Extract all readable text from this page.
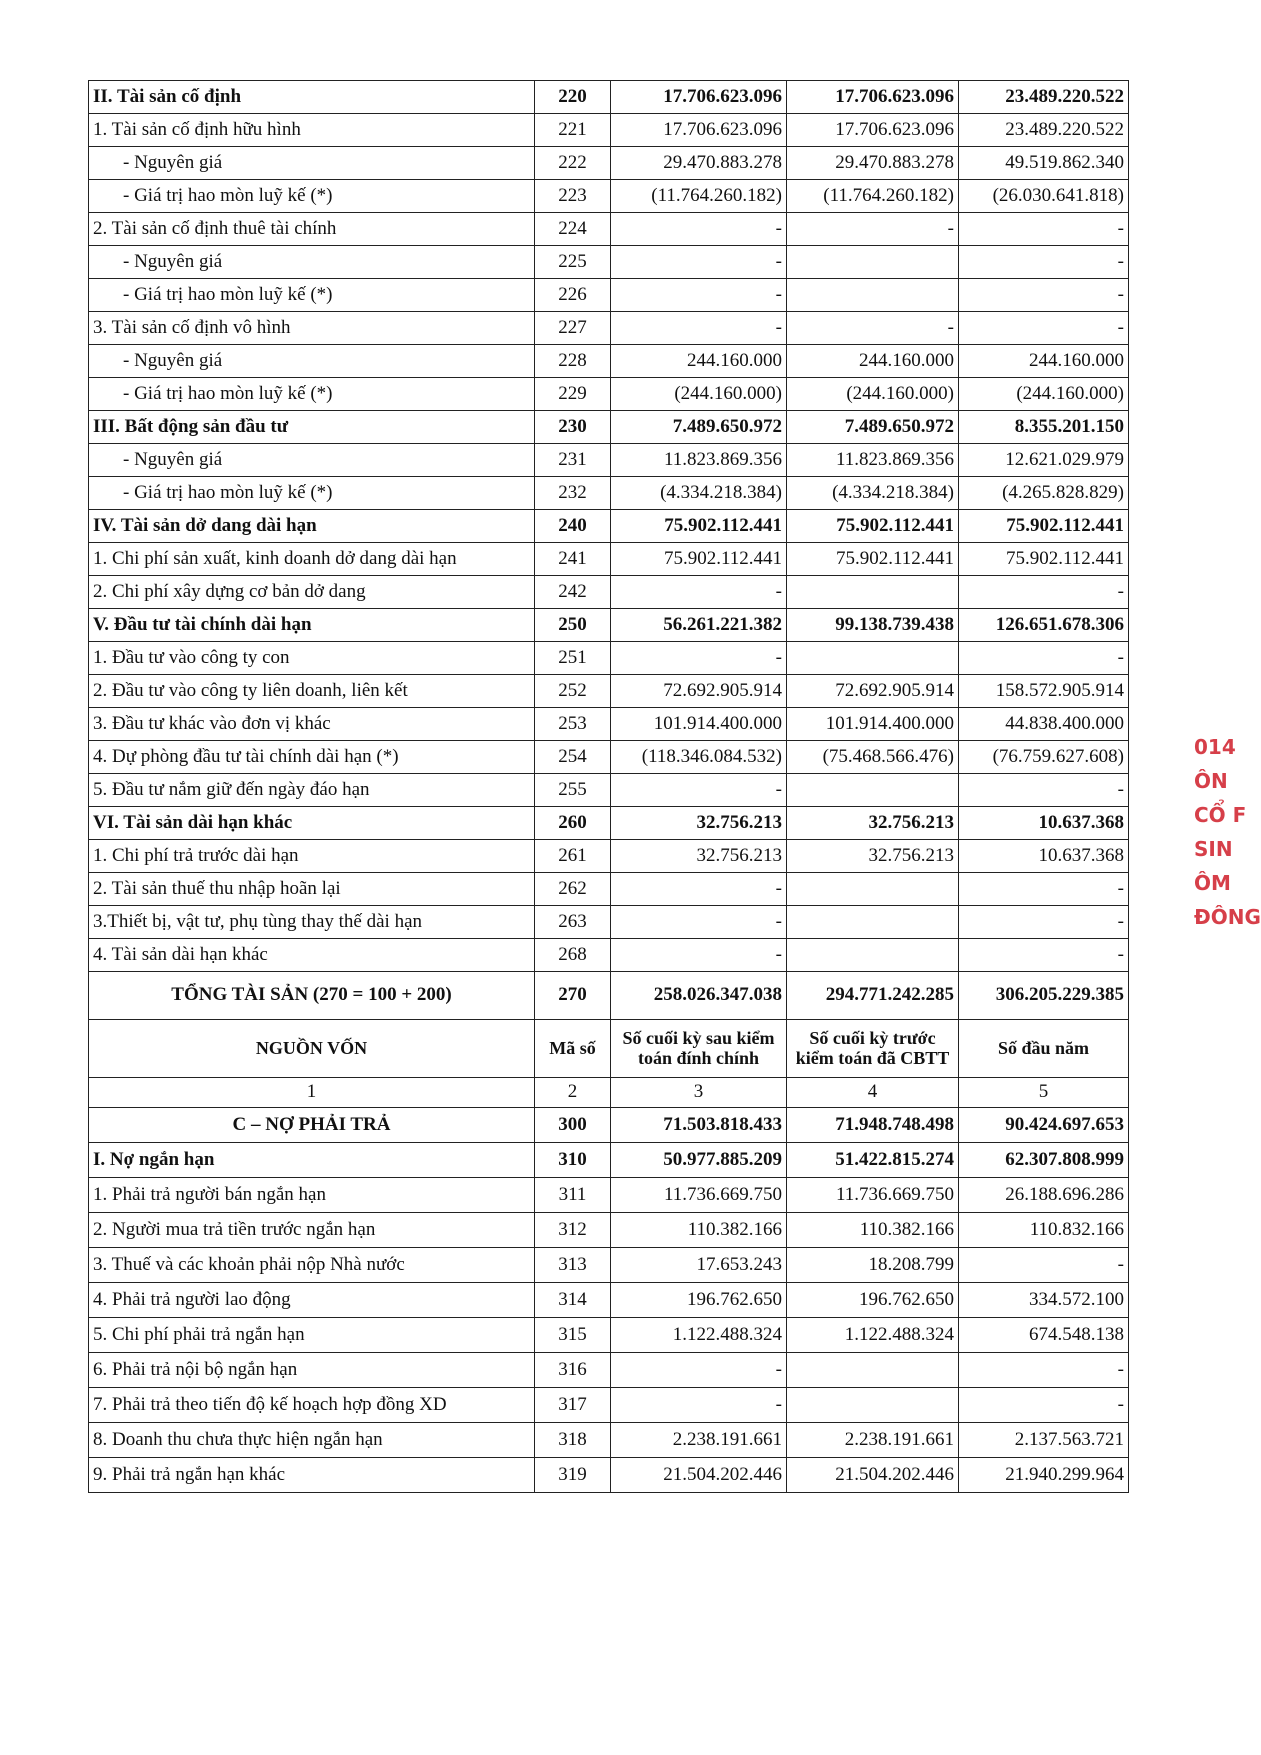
II. Tài sản cố định	220	17.706.623.096	17.706.623.096	23.489.220.522
1. Tài sản cố định hữu hình	221	17.706.623.096	17.706.623.096	23.489.220.522
- Nguyên giá	222	29.470.883.278	29.470.883.278	49.519.862.340
- Giá trị hao mòn luỹ kế (*)	223	(11.764.260.182)	(11.764.260.182)	(26.030.641.818)
2. Tài sản cố định thuê tài chính	224	-	-	-
- Nguyên giá	225	-		-
- Giá trị hao mòn luỹ kế (*)	226	-		-
3. Tài sản cố định vô hình	227	-	-	-
- Nguyên giá	228	244.160.000	244.160.000	244.160.000
- Giá trị hao mòn luỹ kế (*)	229	(244.160.000)	(244.160.000)	(244.160.000)
III. Bất động sản đầu tư	230	7.489.650.972	7.489.650.972	8.355.201.150
- Nguyên giá	231	11.823.869.356	11.823.869.356	12.621.029.979
- Giá trị hao mòn luỹ kế (*)	232	(4.334.218.384)	(4.334.218.384)	(4.265.828.829)
IV. Tài sản dở dang dài hạn	240	75.902.112.441	75.902.112.441	75.902.112.441
1. Chi phí sản xuất, kinh doanh dở dang dài hạn	241	75.902.112.441	75.902.112.441	75.902.112.441
2. Chi phí xây dựng cơ bản dở dang	242	-		-
V. Đầu tư tài chính dài hạn	250	56.261.221.382	99.138.739.438	126.651.678.306
1. Đầu tư vào công ty con	251	-		-
2. Đầu tư vào công ty liên doanh, liên kết	252	72.692.905.914	72.692.905.914	158.572.905.914
3. Đầu tư khác vào đơn vị khác	253	101.914.400.000	101.914.400.000	44.838.400.000
4. Dự phòng đầu tư tài chính dài hạn (*)	254	(118.346.084.532)	(75.468.566.476)	(76.759.627.608)
5. Đầu tư nắm giữ đến ngày đáo hạn	255	-		-
VI. Tài sản dài hạn khác	260	32.756.213	32.756.213	10.637.368
1. Chi phí trả trước dài hạn	261	32.756.213	32.756.213	10.637.368
2. Tài sản thuế thu nhập hoãn lại	262	-		-
3.Thiết bị, vật tư, phụ tùng thay thế dài hạn	263	-		-
4. Tài sản dài hạn khác	268	-		-
TỔNG TÀI SẢN (270 = 100 + 200)	270	258.026.347.038	294.771.242.285	306.205.229.385
NGUỒN VỐN	Mã số	Số cuối kỳ sau kiểm toán đính chính	Số cuối kỳ trước kiểm toán đã CBTT	Số đầu năm
1	2	3	4	5
C – NỢ PHẢI TRẢ	300	71.503.818.433	71.948.748.498	90.424.697.653
I. Nợ ngắn hạn	310	50.977.885.209	51.422.815.274	62.307.808.999
1. Phải trả người bán ngắn hạn	311	11.736.669.750	11.736.669.750	26.188.696.286
2. Người mua trả tiền trước ngắn hạn	312	110.382.166	110.382.166	110.832.166
3. Thuế và các khoản phải nộp Nhà nước	313	17.653.243	18.208.799	-
4. Phải trả người lao động	314	196.762.650	196.762.650	334.572.100
5. Chi phí phải trả ngắn hạn	315	1.122.488.324	1.122.488.324	674.548.138
6. Phải trả nội bộ ngắn hạn	316	-		-
7. Phải trả theo tiến độ kế hoạch hợp đồng XD	317	-		-
8. Doanh thu chưa thực hiện ngắn hạn	318	2.238.191.661	2.238.191.661	2.137.563.721
9. Phải trả ngắn hạn khác	319	21.504.202.446	21.504.202.446	21.940.299.964
014
ÔN
CỔ F
SIN
ÔM
ĐÔNG
